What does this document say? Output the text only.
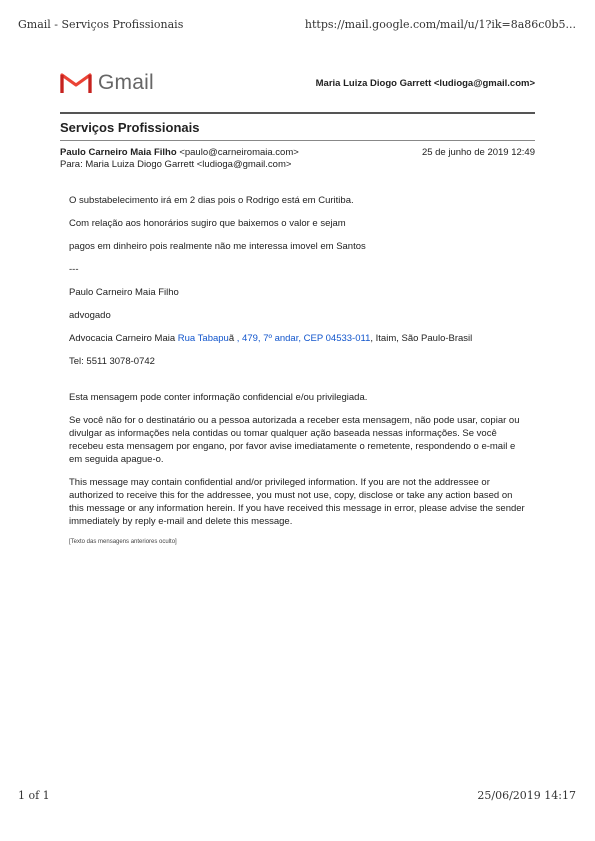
Gmail - Serviços Profissionais	https://mail.google.com/mail/u/1?ik=8a86c0b5...
Gmail	Maria Luiza Diogo Garrett <ludioga@gmail.com>
Serviços Profissionais
Paulo Carneiro Maia Filho <paulo@carneiromaia.com>	25 de junho de 2019 12:49
Para: Maria Luiza Diogo Garrett <ludioga@gmail.com>

O substabelecimento irá em 2 dias pois o Rodrigo está em Curitiba.

Com relação aos honorários sugiro que baixemos o valor e sejam

pagos em dinheiro pois realmente não me interessa imovel em Santos

---

Paulo Carneiro Maia Filho

advogado

Advocacia Carneiro Maia Rua Tabapuã , 479, 7º andar, CEP 04533-011, Itaim, São Paulo-Brasil

Tel: 5511 3078-0742

Esta mensagem pode conter informação confidencial e/ou privilegiada.

Se você não for o destinatário ou a pessoa autorizada a receber esta mensagem, não pode usar, copiar ou divulgar as informações nela contidas ou tomar qualquer ação baseada nessas informações. Se você recebeu esta mensagem por engano, por favor avise imediatamente o remetente, respondendo o e-mail e em seguida apague-o.

This message may contain confidential and/or privileged information. If you are not the addressee or authorized to receive this for the addressee, you must not use, copy, disclose or take any action based on this message or any information herein. If you have received this message in error, please advise the sender immediately by reply e-mail and delete this message.

[Texto das mensagens anteriores oculto]
1 of 1	25/06/2019 14:17
